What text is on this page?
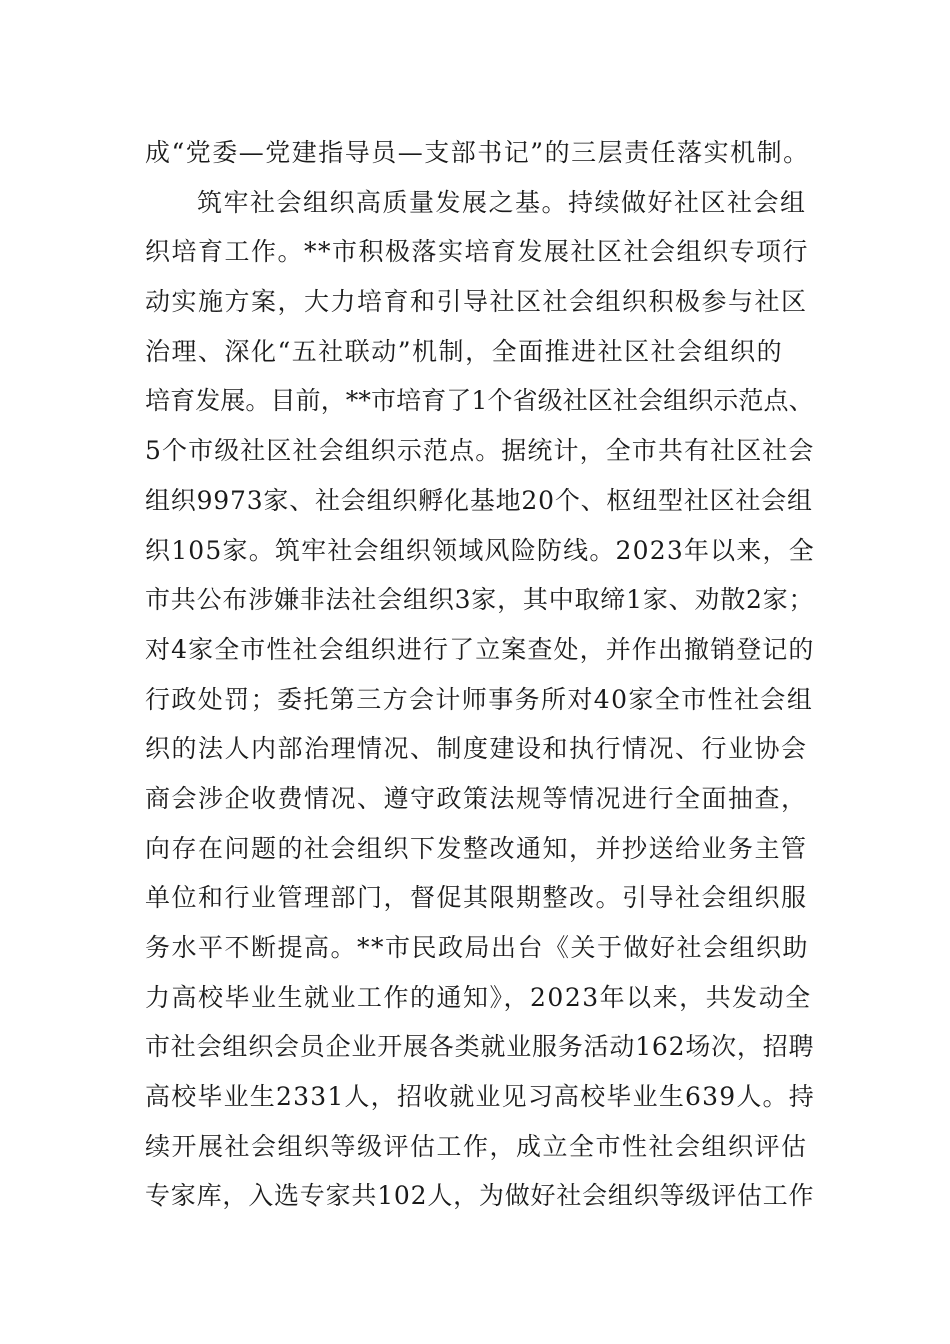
成“党委—党建指导员—支部书记”的三层责任落实机制。
筑牢社会组织高质量发展之基。持续做好社区社会组
织培育工作。**市积极落实培育发展社区社会组织专项行
动实施方案，大力培育和引导社区社会组织积极参与社区
治理、深化“五社联动”机制，全面推进社区社会组织的
培育发展。目前，**市培育了1个省级社区社会组织示范点、
5个市级社区社会组织示范点。据统计，全市共有社区社会
组织9973家、社会组织孵化基地20个、枢纽型社区社会组
织105家。筑牢社会组织领域风险防线。2023年以来，全
市共公布涉嫌非法社会组织3家，其中取缔1家、劝散2家；
对4家全市性社会组织进行了立案查处，并作出撤销登记的
行政处罚；委托第三方会计师事务所对40家全市性社会组
织的法人内部治理情况、制度建设和执行情况、行业协会
商会涉企收费情况、遵守政策法规等情况进行全面抽查，
向存在问题的社会组织下发整改通知，并抄送给业务主管
单位和行业管理部门，督促其限期整改。引导社会组织服
务水平不断提高。**市民政局出台《关于做好社会组织助
力高校毕业生就业工作的通知》，2023年以来，共发动全
市社会组织会员企业开展各类就业服务活动162场次，招聘
高校毕业生2331人，招收就业见习高校毕业生639人。持
续开展社会组织等级评估工作，成立全市性社会组织评估
专家库，入选专家共102人，为做好社会组织等级评估工作
